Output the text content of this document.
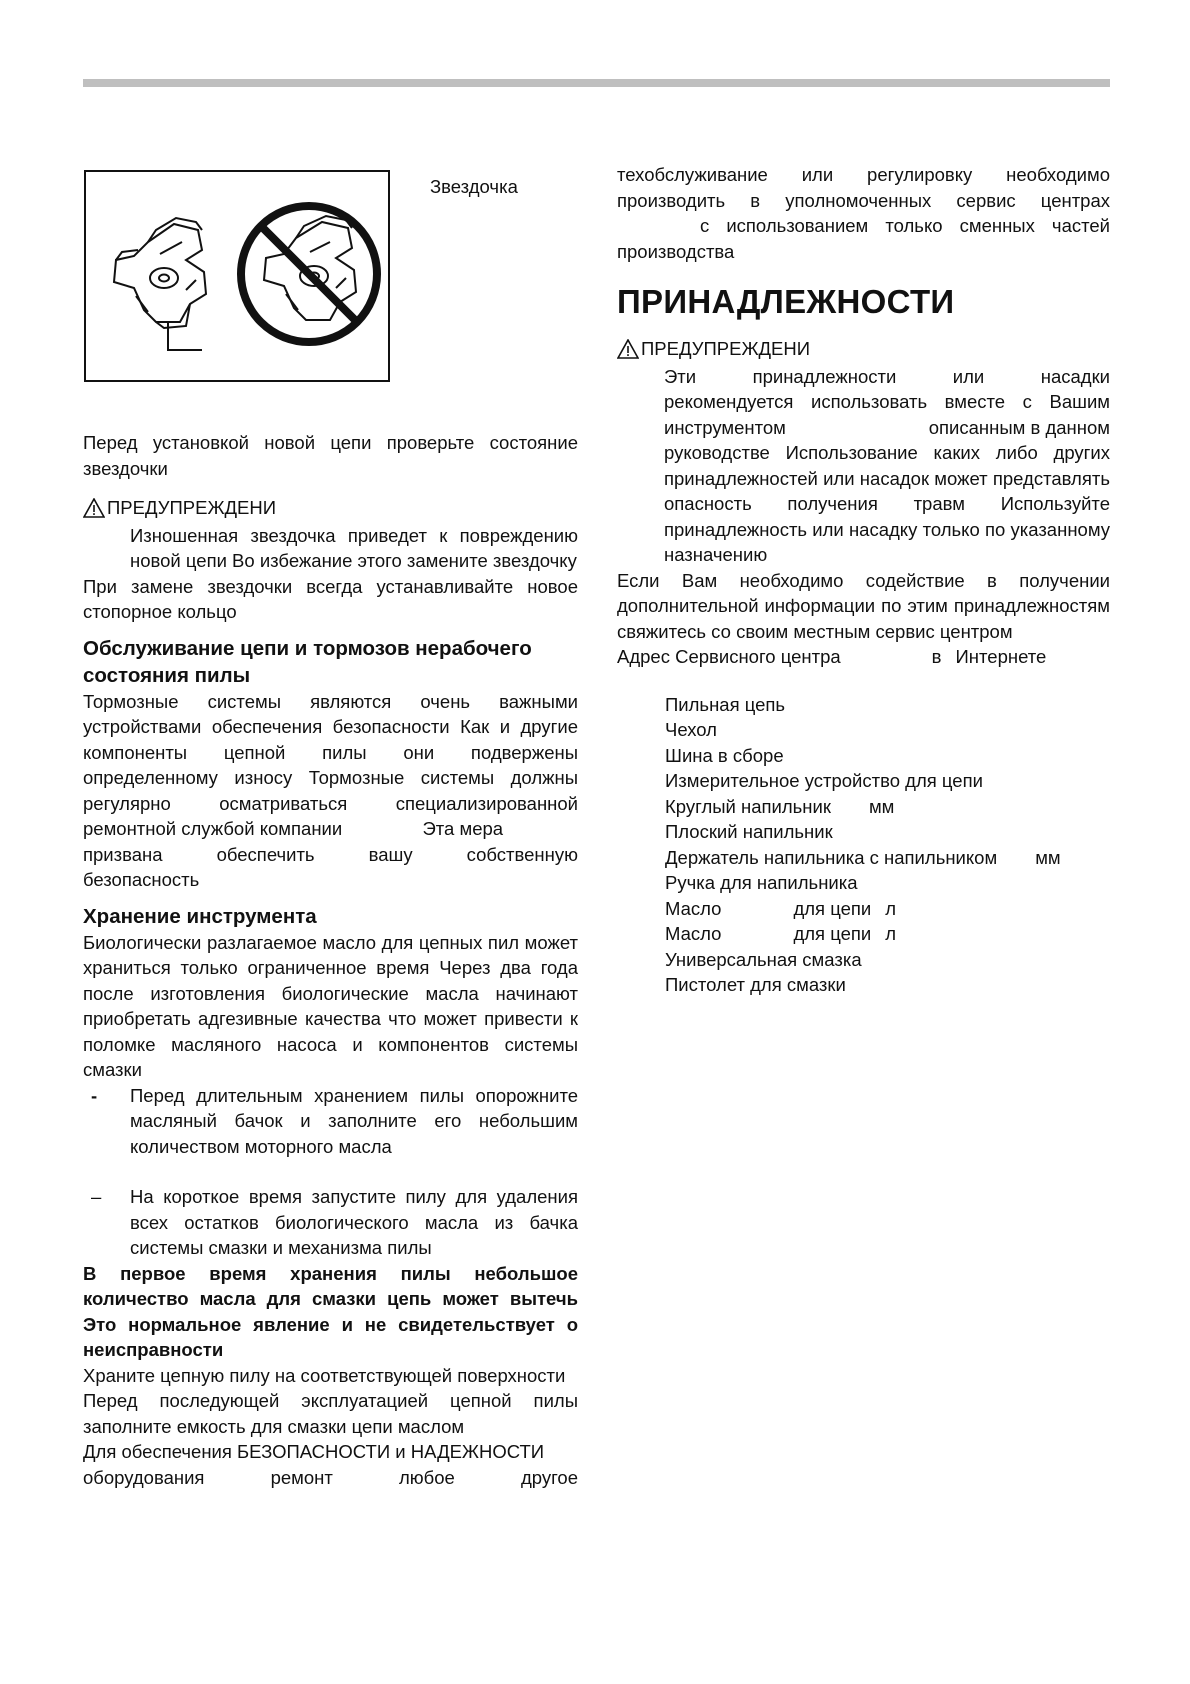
Звездочка

Перед установкой новой цепи проверьте состояние звездочки

ПРЕДУПРЕЖДЕНИ

Изношенная звездочка приведет к повреждению новой цепи Во избежание этого замените звездочку

При замене звездочки всегда устанавливайте новое стопорное кольцо

Обслуживание цепи и тормозов нерабочего
состояния пилы

Тормозные системы являются очень важными устройствами обеспечения безопасности Как и другие компоненты цепной пилы они подвержены определенному износу Тормозные системы должны регулярно осматриваться специализированной ремонтной службой компании	Эта мера

призвана обеспечить вашу собственную

безопасность

Хранение инструмента

Биологически разлагаемое масло для цепных пил может храниться только ограниченное время Через два года после изготовления биологические масла начинают приобретать адгезивные качества что может привести к поломке масляного насоса и компонентов системы смазки

-	Перед длительным хранением пилы опорожните масляный бачок и заполните его небольшим количеством моторного масла
–	На короткое время запустите пилу для удаления всех остатков биологического масла из бачка системы смазки и механизма пилы

В первое время хранения пилы небольшое количество масла для смазки цепь может вытечь Это нормальное явление и не свидетельствует о неисправности

Храните цепную пилу на соответствующей поверхности

Перед последующей эксплуатацией цепной пилы заполните емкость для смазки цепи маслом

Для обеспечения БЕЗОПАСНОСТИ и НАДЕЖНОСТИ

оборудования ремонт любое другое

техобслуживание или регулировку необходимо

производить в уполномоченных сервис центрах

с использованием только сменных частей

производства

ПРИНАДЛЕЖНОСТИ
ПРЕДУПРЕЖДЕНИ

Эти принадлежности или насадки

рекомендуется использовать вместе с Вашим

инструментом	описанным в данном

руководстве Использование каких либо других принадлежностей или насадок может представлять опасность получения травм Используйте принадлежность или насадку только по указанному назначению

Если Вам необходимо содействие в получении дополнительной информации по этим принадлежностям свяжитесь со своим местным сервис центром

Адрес Сервисного центра	в Интернете

Пильная цепь
Чехол
Шина в сборе
Измерительное устройство для цепи
Круглый напильник мм
Плоский напильник
Держатель напильника с напильником мм
Ручка для напильника
Масло	для цепи л
Масло	для цепи л
Универсальная смазка
Пистолет для смазки
